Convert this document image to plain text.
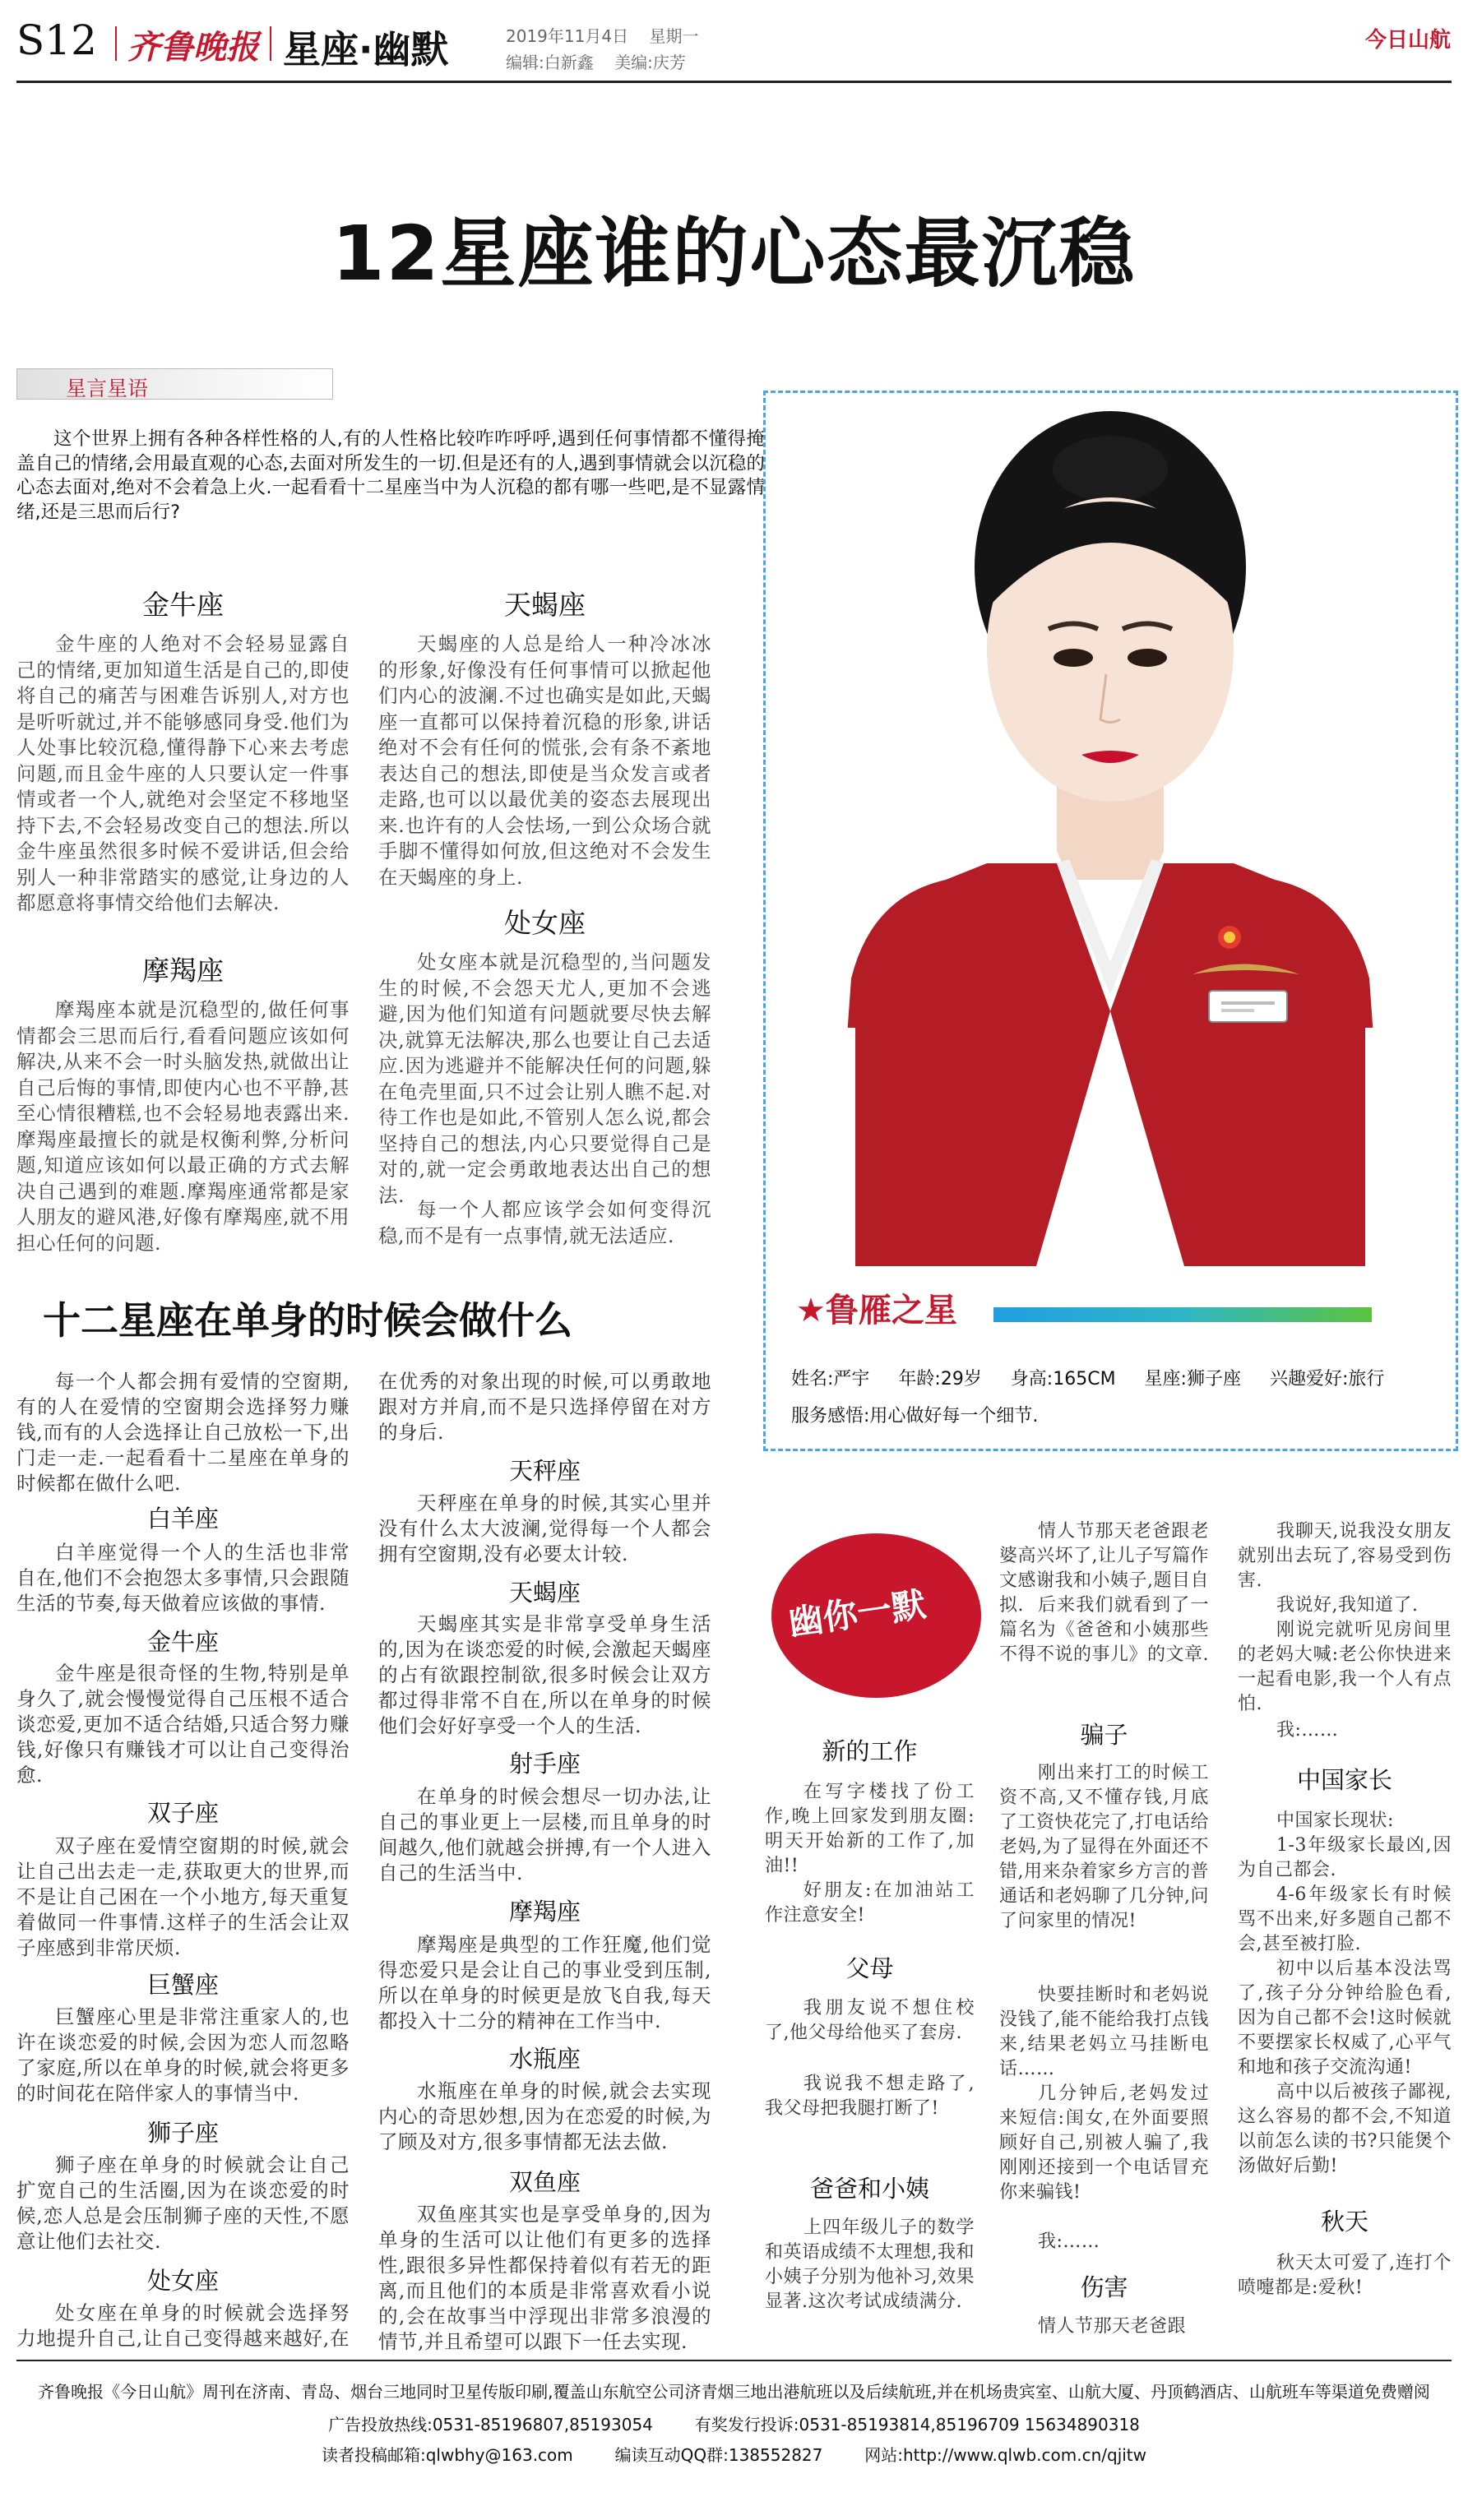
S12 齐鲁晚报 星座·幽默	2019年11月4日 星期一
编辑:白新鑫 美编:庆芳
今日山航
12星座谁的心态最沉稳
星言星语
这个世界上拥有各种各样性格的人,有的人性格比较咋咋呼呼,遇到任何事情都不懂得掩盖自己的情绪,会用最直观的心态,去面对所发生的一切.但是还有的人,遇到事情就会以沉稳的心态去面对,绝对不会着急上火.一起看看十二星座当中为人沉稳的都有哪一些吧,是不显露情绪,还是三思而后行?
金牛座
金牛座的人绝对不会轻易显露自己的情绪,更加知道生活是自己的,即使将自己的痛苦与困难告诉别人,对方也是听听就过,并不能够感同身受.他们为人处事比较沉稳,懂得静下心来去考虑问题,而且金牛座的人只要认定一件事情或者一个人,就绝对会坚定不移地坚持下去,不会轻易改变自己的想法.所以金牛座虽然很多时候不爱讲话,但会给别人一种非常踏实的感觉,让身边的人都愿意将事情交给他们去解决.
摩羯座
摩羯座本就是沉稳型的,做任何事情都会三思而后行,看看问题应该如何解决,从来不会一时头脑发热,就做出让自己后悔的事情,即使内心也不平静,甚至心情很糟糕,也不会轻易地表露出来.摩羯座最擅长的就是权衡利弊,分析问题,知道应该如何以最正确的方式去解决自己遇到的难题.摩羯座通常都是家人朋友的避风港,好像有摩羯座,就不用担心任何的问题.
天蝎座
天蝎座的人总是给人一种冷冰冰的形象,好像没有任何事情可以掀起他们内心的波澜.不过也确实是如此,天蝎座一直都可以保持着沉稳的形象,讲话绝对不会有任何的慌张,会有条不紊地表达自己的想法,即使是当众发言或者走路,也可以以最优美的姿态去展现出来.也许有的人会怯场,一到公众场合就手脚不懂得如何放,但这绝对不会发生在天蝎座的身上.
处女座
处女座本就是沉稳型的,当问题发生的时候,不会怨天尤人,更加不会逃避,因为他们知道有问题就要尽快去解决,就算无法解决,那么也要让自己去适应.因为逃避并不能解决任何的问题,躲在龟壳里面,只不过会让别人瞧不起.对待工作也是如此,不管别人怎么说,都会坚持自己的想法,内心只要觉得自己是对的,就一定会勇敢地表达出自己的想法.
每一个人都应该学会如何变得沉稳,而不是有一点事情,就无法适应.
★鲁雁之星
姓名:严宇 年龄:29岁 身高:165CM 星座:狮子座 兴趣爱好:旅行
服务感悟:用心做好每一个细节.
十二星座在单身的时候会做什么
每一个人都会拥有爱情的空窗期,有的人在爱情的空窗期会选择努力赚钱,而有的人会选择让自己放松一下,出门走一走.一起看看十二星座在单身的时候都在做什么吧.
白羊座
白羊座觉得一个人的生活也非常自在,他们不会抱怨太多事情,只会跟随生活的节奏,每天做着应该做的事情.
金牛座
金牛座是很奇怪的生物,特别是单身久了,就会慢慢觉得自己压根不适合谈恋爱,更加不适合结婚,只适合努力赚钱,好像只有赚钱才可以让自己变得治愈.
双子座
双子座在爱情空窗期的时候,就会让自己出去走一走,获取更大的世界,而不是让自己困在一个小地方,每天重复着做同一件事情.这样子的生活会让双子座感到非常厌烦.
巨蟹座
巨蟹座心里是非常注重家人的,也许在谈恋爱的时候,会因为恋人而忽略了家庭,所以在单身的时候,就会将更多的时间花在陪伴家人的事情当中.
狮子座
狮子座在单身的时候就会让自己扩宽自己的生活圈,因为在谈恋爱的时候,恋人总是会压制狮子座的天性,不愿意让他们去社交.
处女座
处女座在单身的时候就会选择努力地提升自己,让自己变得越来越好,在
在优秀的对象出现的时候,可以勇敢地跟对方并肩,而不是只选择停留在对方的身后.
天秤座
天秤座在单身的时候,其实心里并没有什么太大波澜,觉得每一个人都会拥有空窗期,没有必要太计较.
天蝎座
天蝎座其实是非常享受单身生活的,因为在谈恋爱的时候,会激起天蝎座的占有欲跟控制欲,很多时候会让双方都过得非常不自在,所以在单身的时候他们会好好享受一个人的生活.
射手座
在单身的时候会想尽一切办法,让自己的事业更上一层楼,而且单身的时间越久,他们就越会拼搏,有一个人进入自己的生活当中.
摩羯座
摩羯座是典型的工作狂魔,他们觉得恋爱只是会让自己的事业受到压制,所以在单身的时候更是放飞自我,每天都投入十二分的精神在工作当中.
水瓶座
水瓶座在单身的时候,就会去实现内心的奇思妙想,因为在恋爱的时候,为了顾及对方,很多事情都无法去做.
双鱼座
双鱼座其实也是享受单身的,因为单身的生活可以让他们有更多的选择性,跟很多异性都保持着似有若无的距离,而且他们的本质是非常喜欢看小说的,会在故事当中浮现出非常多浪漫的情节,并且希望可以跟下一任去实现.
幽你一默
新的工作
在写字楼找了份工作,晚上回家发到朋友圈:明天开始新的工作了,加油!!
好朋友:在加油站工作注意安全!
父母
我朋友说不想住校了,他父母给他买了套房.
我说我不想走路了,我父母把我腿打断了!
爸爸和小姨
上四年级儿子的数学和英语成绩不太理想,我和小姨子分别为他补习,效果显著.这次考试成绩满分.
情人节那天老爸跟老婆高兴坏了,让儿子写篇作文感谢我和小姨子,题目自拟. 后来我们就看到了一篇名为《爸爸和小姨那些不得不说的事儿》的文章.
骗子
刚出来打工的时候工资不高,又不懂存钱,月底了工资快花完了,打电话给老妈,为了显得在外面还不错,用来杂着家乡方言的普通话和老妈聊了几分钟,问了问家里的情况!
快要挂断时和老妈说没钱了,能不能给我打点钱来,结果老妈立马挂断电话……
几分钟后,老妈发过来短信:闺女,在外面要照顾好自己,别被人骗了,我刚刚还接到一个电话冒充你来骗钱!
我:……
伤害
情人节那天老爸跟
我聊天,说我没女朋友就别出去玩了,容易受到伤害.
我说好,我知道了.
刚说完就听见房间里的老妈大喊:老公你快进来一起看电影,我一个人有点怕.
我:……
中国家长
中国家长现状:
1-3年级家长最凶,因为自己都会.
4-6年级家长有时候骂不出来,好多题自己都不会,甚至被打脸.
初中以后基本没法骂了,孩子分分钟给脸色看,因为自己都不会!这时候就不要摆家长权威了,心平气和地和孩子交流沟通!
高中以后被孩子鄙视,这么容易的都不会,不知道以前怎么读的书?只能煲个汤做好后勤!
秋天
秋天太可爱了,连打个喷嚏都是:爱秋!
齐鲁晚报《今日山航》周刊在济南、青岛、烟台三地同时卫星传版印刷,覆盖山东航空公司济青烟三地出港航班以及后续航班,并在机场贵宾室、山航大厦、丹顶鹤酒店、山航班车等渠道免费赠阅
广告投放热线:0531-85196807,85193054	有奖发行投诉:0531-85193814,85196709 15634890318
读者投稿邮箱:qlwbhy@163.com	编读互动QQ群:138552827	网站:http://www.qlwb.com.cn/qjitw
